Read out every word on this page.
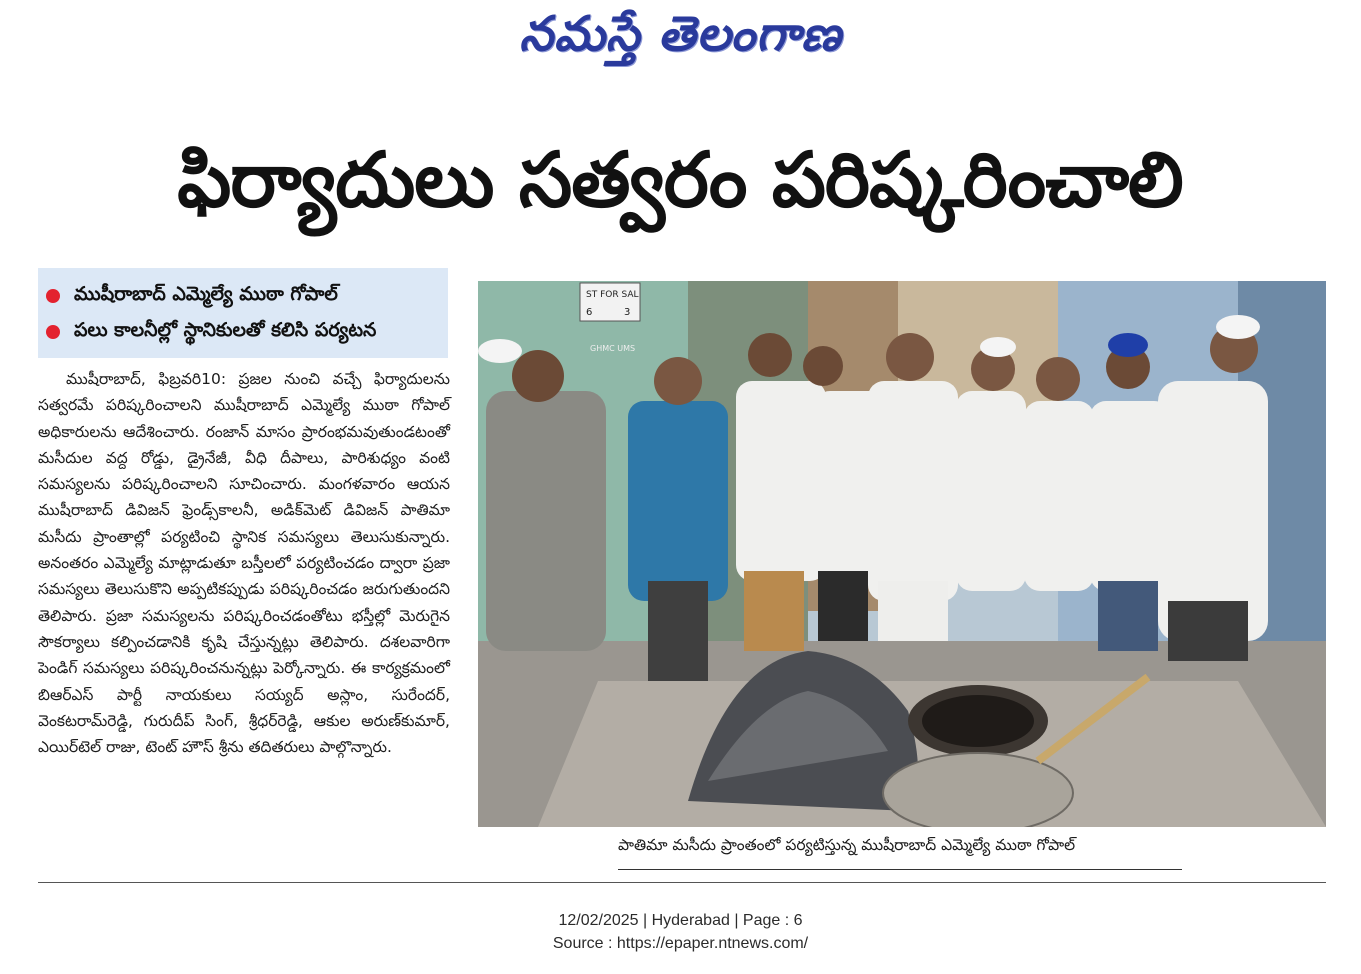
నమస్తే తెలంగాణ
ఫిర్యాదులు సత్వరం పరిష్కరించాలి
ముషీరాబాద్ ఎమ్మెల్యే ముఠా గోపాల్
పలు కాలనీల్లో స్థానికులతో కలిసి పర్యటన

ముషీరాబాద్, ఫిబ్రవరి10: ప్రజల నుంచి వచ్చే ఫిర్యాదులను సత్వరమే పరిష్కరించాలని ముషీరాబాద్ ఎమ్మెల్యే ముఠా గోపాల్ అధికారులను ఆదేశించారు. రంజాన్ మాసం ప్రారంభమవుతుండటంతో మసీదుల వద్ద రోడ్డు, డ్రైనేజీ, వీధి దీపాలు, పారిశుధ్యం వంటి సమస్యలను పరిష్కరించాలని సూచించారు. మంగళవారం ఆయన ముషీరాబాద్ డివిజన్ ఫ్రెండ్స్‌కాలనీ, అడిక్‌మెట్ డివిజన్ పాతిమా మసీదు ప్రాంతాల్లో పర్యటించి స్థానిక సమస్యలు తెలుసుకున్నారు. అనంతరం ఎమ్మెల్యే మాట్లాడుతూ బస్తీలలో పర్యటించడం ద్వారా ప్రజా సమస్యలు తెలుసుకొని అప్పటికప్పుడు పరిష్కరించడం జరుగుతుందని తెలిపారు. ప్రజా సమస్యలను పరిష్కరించడంతోటు భస్తీల్లో మెరుగైన సౌకర్యాలు కల్పించడానికి కృషి చేస్తున్నట్లు తెలిపారు. దశలవారిగా పెండిగ్ సమస్యలు పరిష్కరించనున్నట్లు పెర్కోన్నారు. ఈ కార్యక్రమంలో బిఆర్ఎస్ పార్టీ నాయకులు సయ్యద్ అస్లాం, సురేందర్, వెంకటరామ్‌రెడ్డి, గురుదీప్ సింగ్, శ్రీధర్‌రెడ్డి, ఆకుల అరుణ్‌కుమార్, ఎయిర్‌టెల్ రాజు, టెంట్ హౌస్ శ్రీను తదితరులు పాల్గొన్నారు.

ST FOR SAL
6	3
GHMC UMS
పాతిమా మసీదు ప్రాంతంలో పర్యటిస్తున్న ముషీరాబాద్ ఎమ్మెల్యే ముఠా గోపాల్
12/02/2025 | Hyderabad | Page : 6
Source : https://epaper.ntnews.com/
